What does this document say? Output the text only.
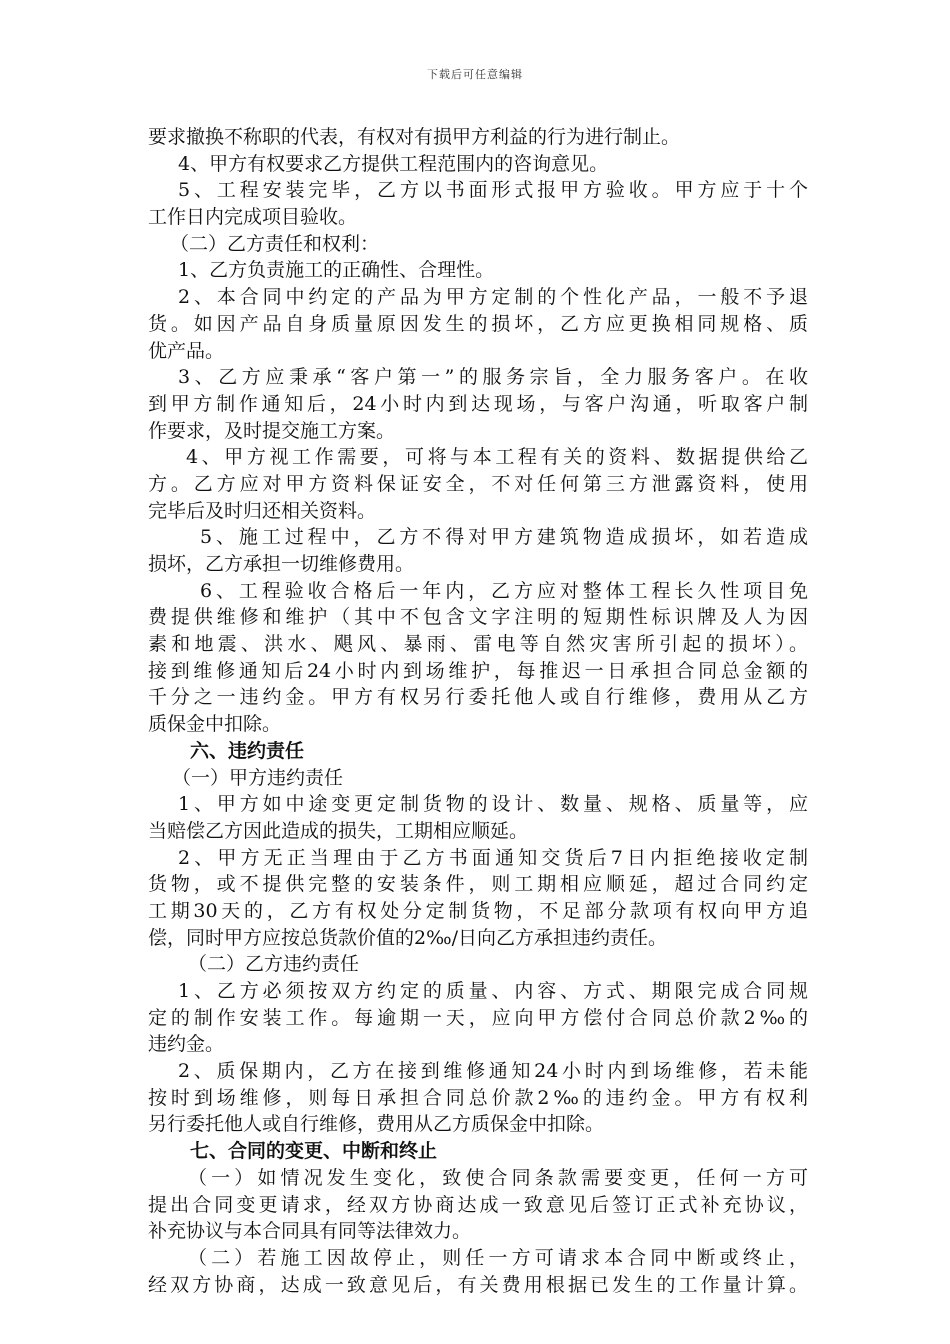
下载后可任意编辑
要求撤换不称职的代表，有权对有损甲方利益的行为进行制止。
4、甲方有权要求乙方提供工程范围内的咨询意见。
5、工程安装完毕，乙方以书面形式报甲方验收。甲方应于十个
工作日内完成项目验收。
（二）乙方责任和权利：
1、乙方负责施工的正确性、合理性。
2、本合同中约定的产品为甲方定制的个性化产品，一般不予退
货。如因产品自身质量原因发生的损坏，乙方应更换相同规格、质
优产品。
3、乙方应秉承“客户第一”的服务宗旨，全力服务客户。在收
到甲方制作通知后，24小时内到达现场，与客户沟通，听取客户制
作要求，及时提交施工方案。
4、甲方视工作需要，可将与本工程有关的资料、数据提供给乙
方。乙方应对甲方资料保证安全，不对任何第三方泄露资料，使用
完毕后及时归还相关资料。
5、施工过程中，乙方不得对甲方建筑物造成损坏，如若造成
损坏，乙方承担一切维修费用。
6、工程验收合格后一年内，乙方应对整体工程长久性项目免
费提供维修和维护（其中不包含文字注明的短期性标识牌及人为因
素和地震、洪水、飓风、暴雨、雷电等自然灾害所引起的损坏）。
接到维修通知后24小时内到场维护，每推迟一日承担合同总金额的
千分之一违约金。甲方有权另行委托他人或自行维修，费用从乙方
质保金中扣除。
六、违约责任
（一）甲方违约责任
1、甲方如中途变更定制货物的设计、数量、规格、质量等，应
当赔偿乙方因此造成的损失，工期相应顺延。
2、甲方无正当理由于乙方书面通知交货后7日内拒绝接收定制
货物，或不提供完整的安装条件，则工期相应顺延，超过合同约定
工期30天的，乙方有权处分定制货物，不足部分款项有权向甲方追
偿，同时甲方应按总货款价值的2‰/日向乙方承担违约责任。
（二）乙方违约责任
1、乙方必须按双方约定的质量、内容、方式、期限完成合同规
定的制作安装工作。每逾期一天，应向甲方偿付合同总价款2‰的
违约金。
2、质保期内，乙方在接到维修通知24小时内到场维修，若未能
按时到场维修，则每日承担合同总价款2‰的违约金。甲方有权利
另行委托他人或自行维修，费用从乙方质保金中扣除。
七、合同的变更、中断和终止
（一）如情况发生变化，致使合同条款需要变更，任何一方可
提出合同变更请求，经双方协商达成一致意见后签订正式补充协议，
补充协议与本合同具有同等法律效力。
（二）若施工因故停止，则任一方可请求本合同中断或终止，
经双方协商，达成一致意见后，有关费用根据已发生的工作量计算。
